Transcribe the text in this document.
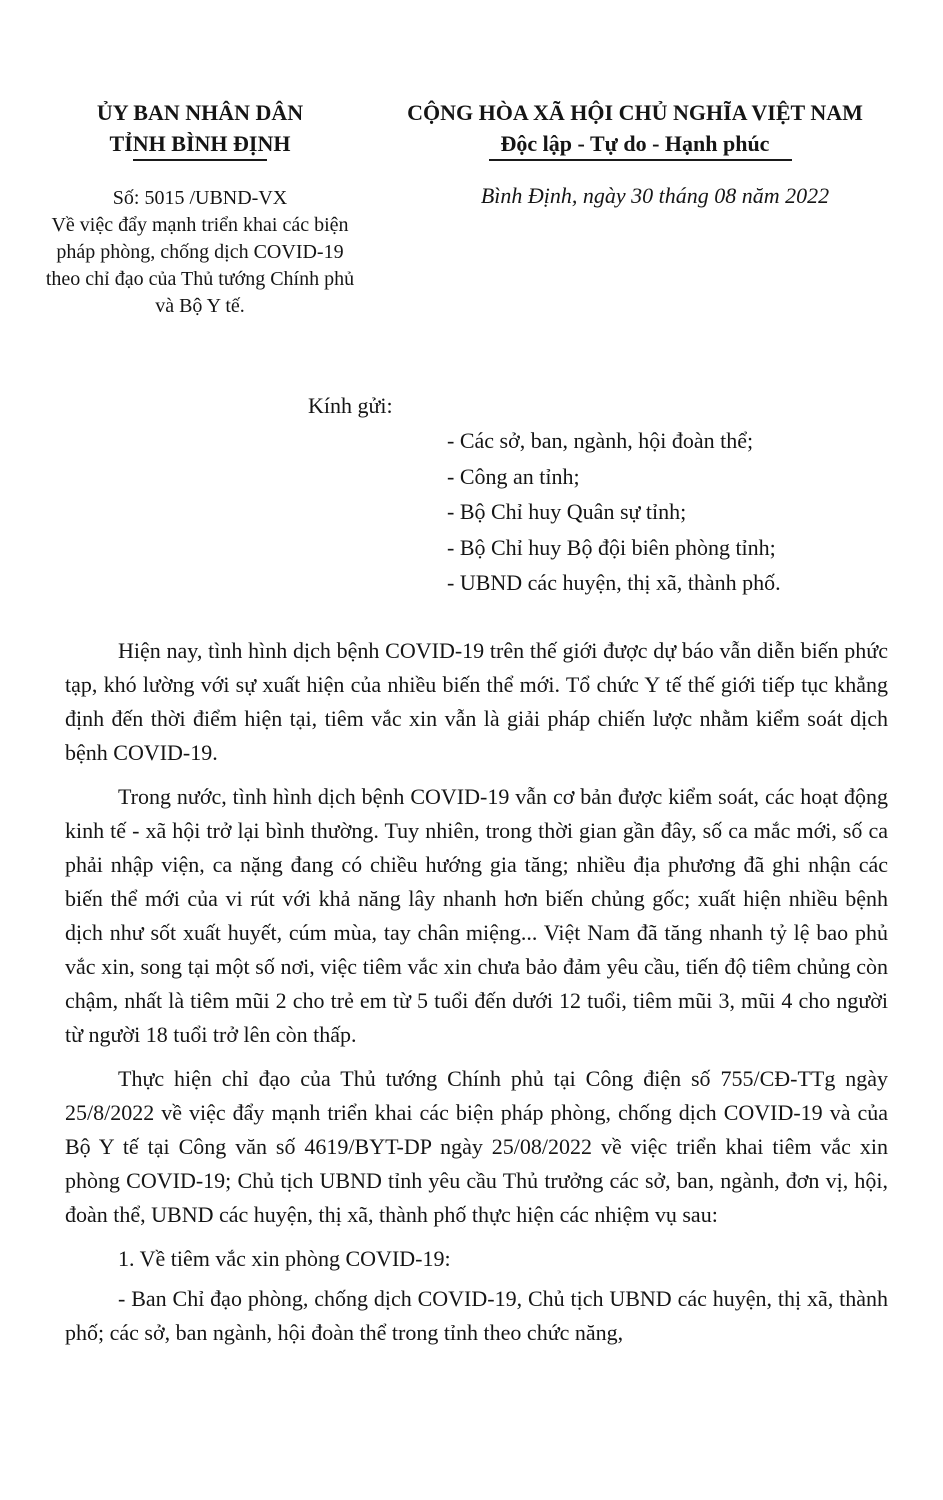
ỦY BAN NHÂN DÂN
TỈNH BÌNH ĐỊNH
CỘNG HÒA XÃ HỘI CHỦ NGHĨA VIỆT NAM
Độc lập - Tự do - Hạnh phúc
Số: 5015 /UBND-VX
Về việc đẩy mạnh triển khai các biện pháp phòng, chống dịch COVID-19 theo chỉ đạo của Thủ tướng Chính phủ và Bộ Y tế.
Bình Định, ngày 30 tháng 08 năm 2022
Kính gửi:
- Các sở, ban, ngành, hội đoàn thể;
- Công an tỉnh;
- Bộ Chỉ huy Quân sự tỉnh;
- Bộ Chỉ huy Bộ đội biên phòng tỉnh;
- UBND các huyện, thị xã, thành phố.

Hiện nay, tình hình dịch bệnh COVID-19 trên thế giới được dự báo vẫn diễn biến phức tạp, khó lường với sự xuất hiện của nhiều biến thể mới. Tổ chức Y tế thế giới tiếp tục khẳng định đến thời điểm hiện tại, tiêm vắc xin vẫn là giải pháp chiến lược nhằm kiểm soát dịch bệnh COVID-19.

Trong nước, tình hình dịch bệnh COVID-19 vẫn cơ bản được kiểm soát, các hoạt động kinh tế - xã hội trở lại bình thường. Tuy nhiên, trong thời gian gần đây, số ca mắc mới, số ca phải nhập viện, ca nặng đang có chiều hướng gia tăng; nhiều địa phương đã ghi nhận các biến thể mới của vi rút với khả năng lây nhanh hơn biến chủng gốc; xuất hiện nhiều bệnh dịch như sốt xuất huyết, cúm mùa, tay chân miệng... Việt Nam đã tăng nhanh tỷ lệ bao phủ vắc xin, song tại một số nơi, việc tiêm vắc xin chưa bảo đảm yêu cầu, tiến độ tiêm chủng còn chậm, nhất là tiêm mũi 2 cho trẻ em từ 5 tuổi đến dưới 12 tuổi, tiêm mũi 3, mũi 4 cho người từ người 18 tuổi trở lên còn thấp.

Thực hiện chỉ đạo của Thủ tướng Chính phủ tại Công điện số 755/CĐ-TTg ngày 25/8/2022 về việc đẩy mạnh triển khai các biện pháp phòng, chống dịch COVID-19 và của Bộ Y tế tại Công văn số 4619/BYT-DP ngày 25/08/2022 về việc triển khai tiêm vắc xin phòng COVID-19; Chủ tịch UBND tỉnh yêu cầu Thủ trưởng các sở, ban, ngành, đơn vị, hội, đoàn thể, UBND các huyện, thị xã, thành phố thực hiện các nhiệm vụ sau:

1. Về tiêm vắc xin phòng COVID-19:

- Ban Chỉ đạo phòng, chống dịch COVID-19, Chủ tịch UBND các huyện, thị xã, thành phố; các sở, ban ngành, hội đoàn thể trong tỉnh theo chức năng,
